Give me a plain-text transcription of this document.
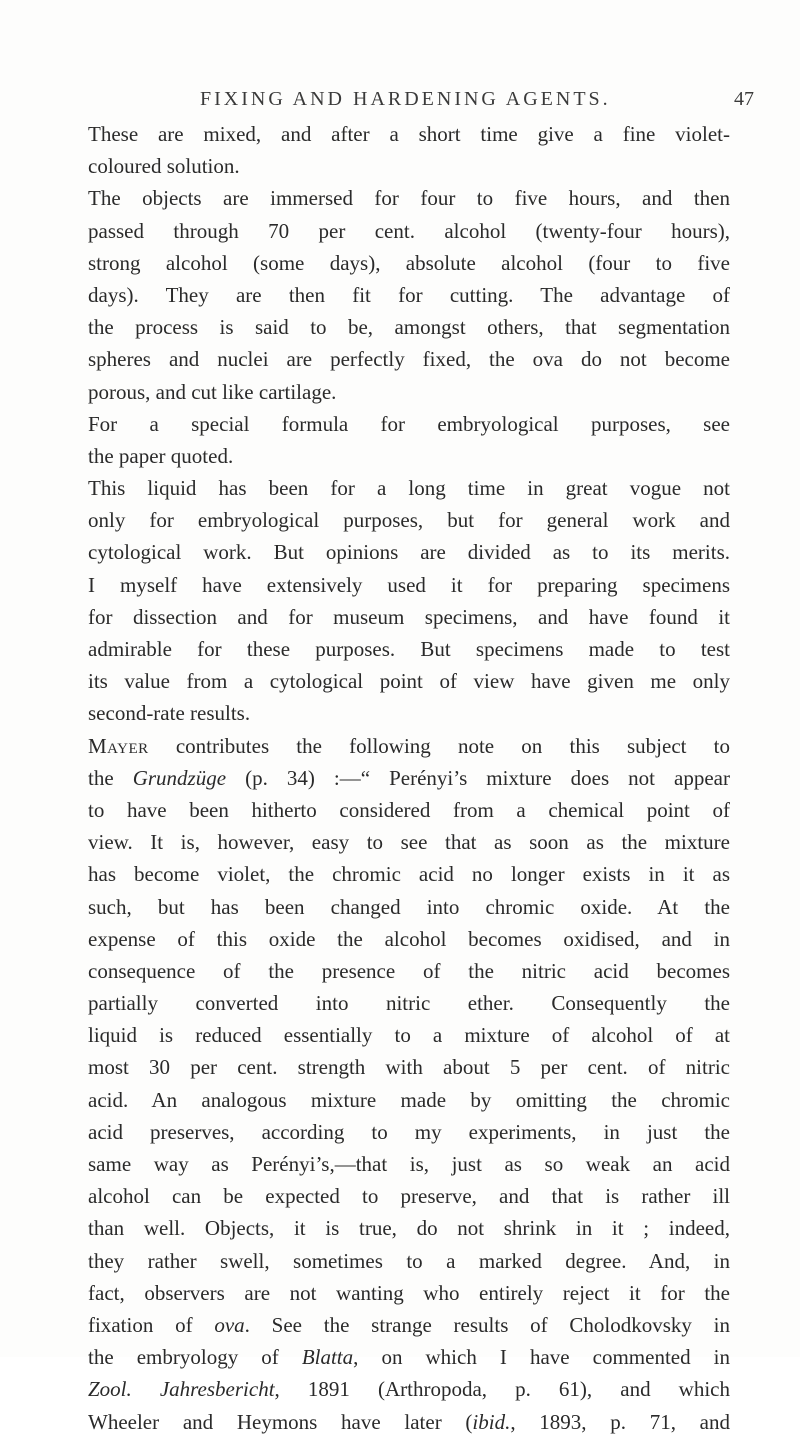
FIXING AND HARDENING AGENTS.	47
These are mixed, and after a short time give a fine violet-
coloured solution.
The objects are immersed for four to five hours, and then
passed through 70 per cent. alcohol (twenty-four hours),
strong alcohol (some days), absolute alcohol (four to five
days). They are then fit for cutting. The advantage of
the process is said to be, amongst others, that segmentation
spheres and nuclei are perfectly fixed, the ova do not become
porous, and cut like cartilage.
For a special formula for embryological purposes, see
the paper quoted.
This liquid has been for a long time in great vogue not
only for embryological purposes, but for general work and
cytological work. But opinions are divided as to its merits.
I myself have extensively used it for preparing specimens
for dissection and for museum specimens, and have found it
admirable for these purposes. But specimens made to test
its value from a cytological point of view have given me only
second-rate results.
Mayer contributes the following note on this subject to
the Grundzüge (p. 34) :—“ Perényi’s mixture does not appear
to have been hitherto considered from a chemical point of
view. It is, however, easy to see that as soon as the mixture
has become violet, the chromic acid no longer exists in it as
such, but has been changed into chromic oxide. At the
expense of this oxide the alcohol becomes oxidised, and in
consequence of the presence of the nitric acid becomes
partially converted into nitric ether. Consequently the
liquid is reduced essentially to a mixture of alcohol of at
most 30 per cent. strength with about 5 per cent. of nitric
acid. An analogous mixture made by omitting the chromic
acid preserves, according to my experiments, in just the
same way as Perényi’s,—that is, just as so weak an acid
alcohol can be expected to preserve, and that is rather ill
than well. Objects, it is true, do not shrink in it ; indeed,
they rather swell, sometimes to a marked degree. And, in
fact, observers are not wanting who entirely reject it for the
fixation of ova. See the strange results of Cholodkovsky in
the embryology of Blatta, on which I have commented in
Zool. Jahresbericht, 1891 (Arthropoda, p. 61), and which
Wheeler and Heymons have later (ibid., 1893, p. 71, and
